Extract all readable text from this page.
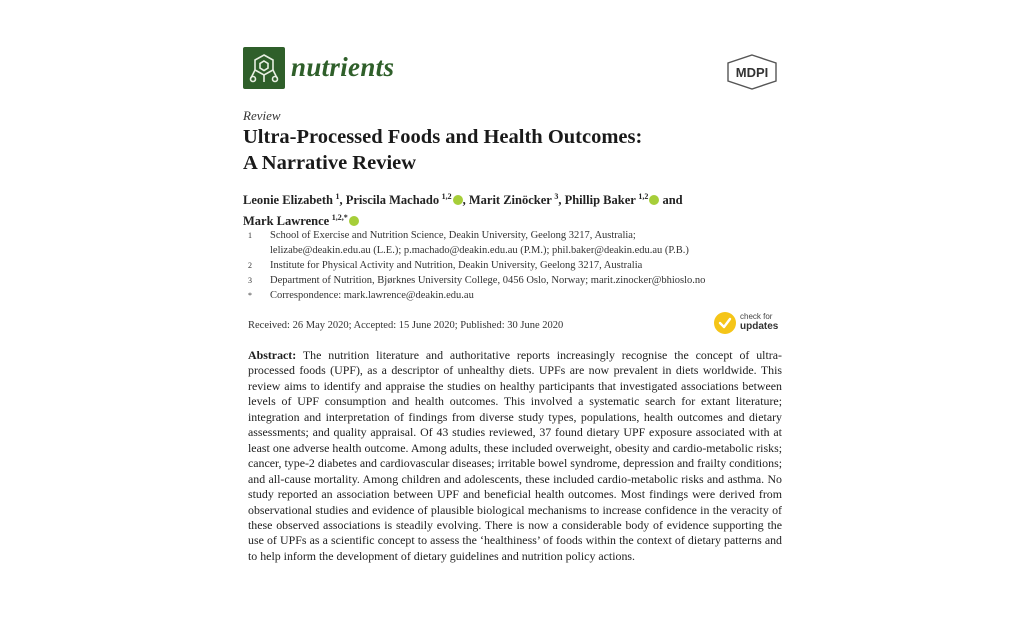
nutrients	MDPI
Review
Ultra-Processed Foods and Health Outcomes:
A Narrative Review
Leonie Elizabeth  $^1$, Priscila Machado  $^{1,2}$ , Marit Zinöcker  $^3$, Phillip Baker  $^{1,2}$ and
Mark Lawrence  $^{1,2,*}$
1 School of Exercise and Nutrition Science, Deakin University, Geelong 3217, Australia;
lelizabe@deakin.edu.au (L.E.); p.machado@deakin.edu.au (P.M.); phil.baker@deakin.edu.au (P.B.)
2 Institute for Physical Activity and Nutrition, Deakin University, Geelong 3217, Australia
3 Department of Nutrition, Bjørknes University College, 0456 Oslo, Norway; marit.zinocker@bhioslo.no
* Correspondence: mark.lawrence@deakin.edu.au
Received: 26 May 2020; Accepted: 15 June 2020; Published: 30 June 2020
check for
updates
Abstract: The nutrition literature and authoritative reports increasingly recognise the concept of ultra-processed foods (UPF), as a descriptor of unhealthy diets. UPFs are now prevalent in diets worldwide. This review aims to identify and appraise the studies on healthy participants that investigated associations between levels of UPF consumption and health outcomes. This involved a systematic search for extant literature; integration and interpretation of findings from diverse study types, populations, health outcomes and dietary assessments; and quality appraisal. Of 43 studies reviewed, 37 found dietary UPF exposure associated with at least one adverse health outcome. Among adults, these included overweight, obesity and cardio-metabolic risks; cancer, type-2 diabetes and cardiovascular diseases; irritable bowel syndrome, depression and frailty conditions; and all-cause mortality. Among children and adolescents, these included cardio-metabolic risks and asthma. No study reported an association between UPF and beneficial health outcomes. Most findings were derived from observational studies and evidence of plausible biological mechanisms to increase confidence in the veracity of these observed associations is steadily evolving. There is now a considerable body of evidence supporting the use of UPFs as a scientific concept to assess the ‘healthiness’ of foods within the context of dietary patterns and to help inform the development of dietary guidelines and nutrition policy actions.
